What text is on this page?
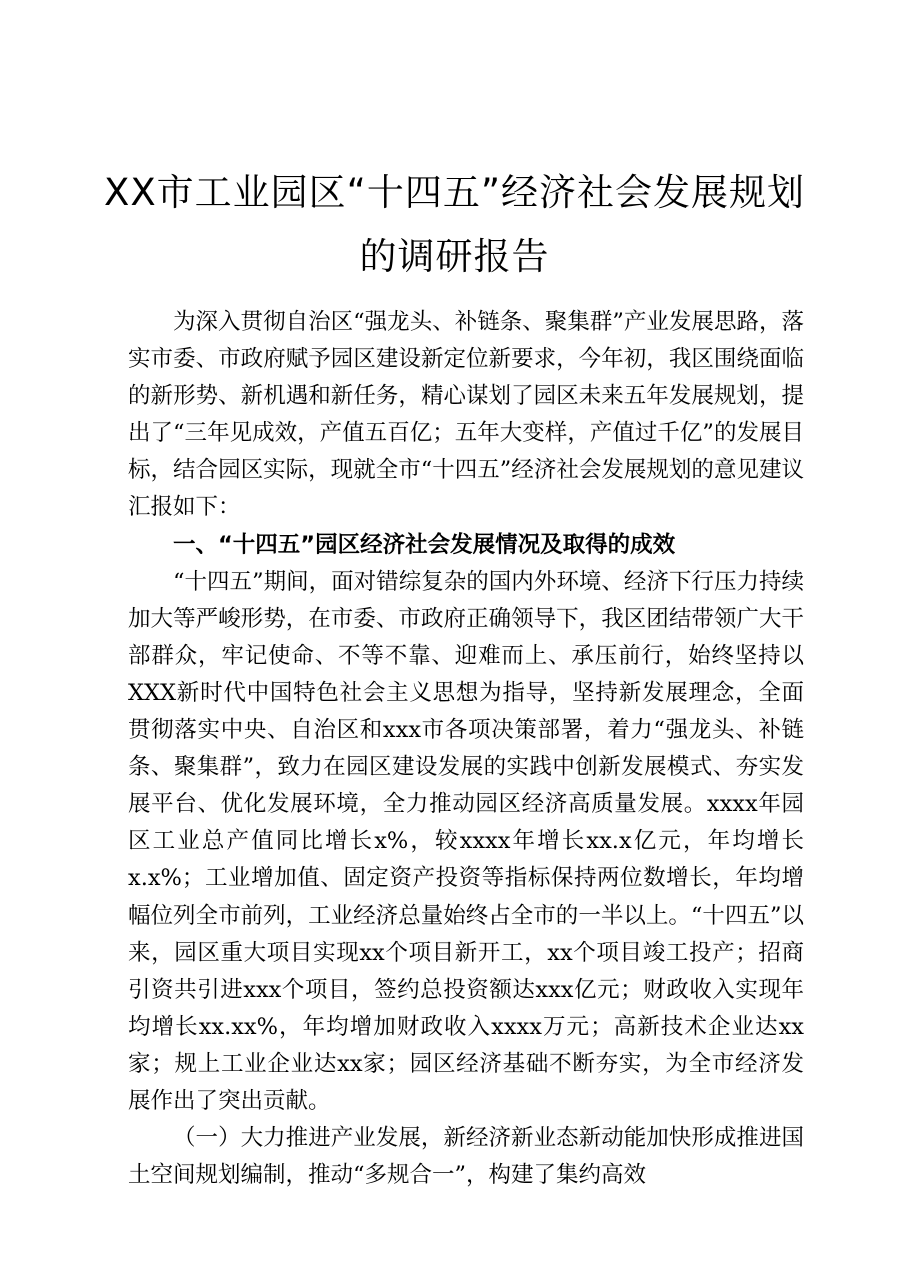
XX市工业园区“十四五”经济社会发展规划
的调研报告

为深入贯彻自治区“强龙头、补链条、聚集群”产业发展思路，落实市委、市政府赋予园区建设新定位新要求，今年初，我区围绕面临的新形势、新机遇和新任务，精心谋划了园区未来五年发展规划，提出了“三年见成效，产值五百亿；五年大变样，产值过千亿”的发展目标，结合园区实际，现就全市“十四五”经济社会发展规划的意见建议汇报如下：

一、“十四五”园区经济社会发展情况及取得的成效

“十四五”期间，面对错综复杂的国内外环境、经济下行压力持续加大等严峻形势，在市委、市政府正确领导下，我区团结带领广大干部群众，牢记使命、不等不靠、迎难而上、承压前行，始终坚持以XXX新时代中国特色社会主义思想为指导，坚持新发展理念，全面贯彻落实中央、自治区和xxx市各项决策部署，着力“强龙头、补链条、聚集群”，致力在园区建设发展的实践中创新发展模式、夯实发展平台、优化发展环境，全力推动园区经济高质量发展。xxxx年园区工业总产值同比增长x%，较xxxx年增长xx.x亿元，年均增长x.x%；工业增加值、固定资产投资等指标保持两位数增长，年均增幅位列全市前列，工业经济总量始终占全市的一半以上。“十四五”以来，园区重大项目实现xx个项目新开工，xx个项目竣工投产；招商引资共引进xxx个项目，签约总投资额达xxx亿元；财政收入实现年均增长xx.xx%，年均增加财政收入xxxx万元；高新技术企业达xx家；规上工业企业达xx家；园区经济基础不断夯实，为全市经济发展作出了突出贡献。

（一）大力推进产业发展，新经济新业态新动能加快形成推进国土空间规划编制，推动“多规合一”，构建了集约高效
